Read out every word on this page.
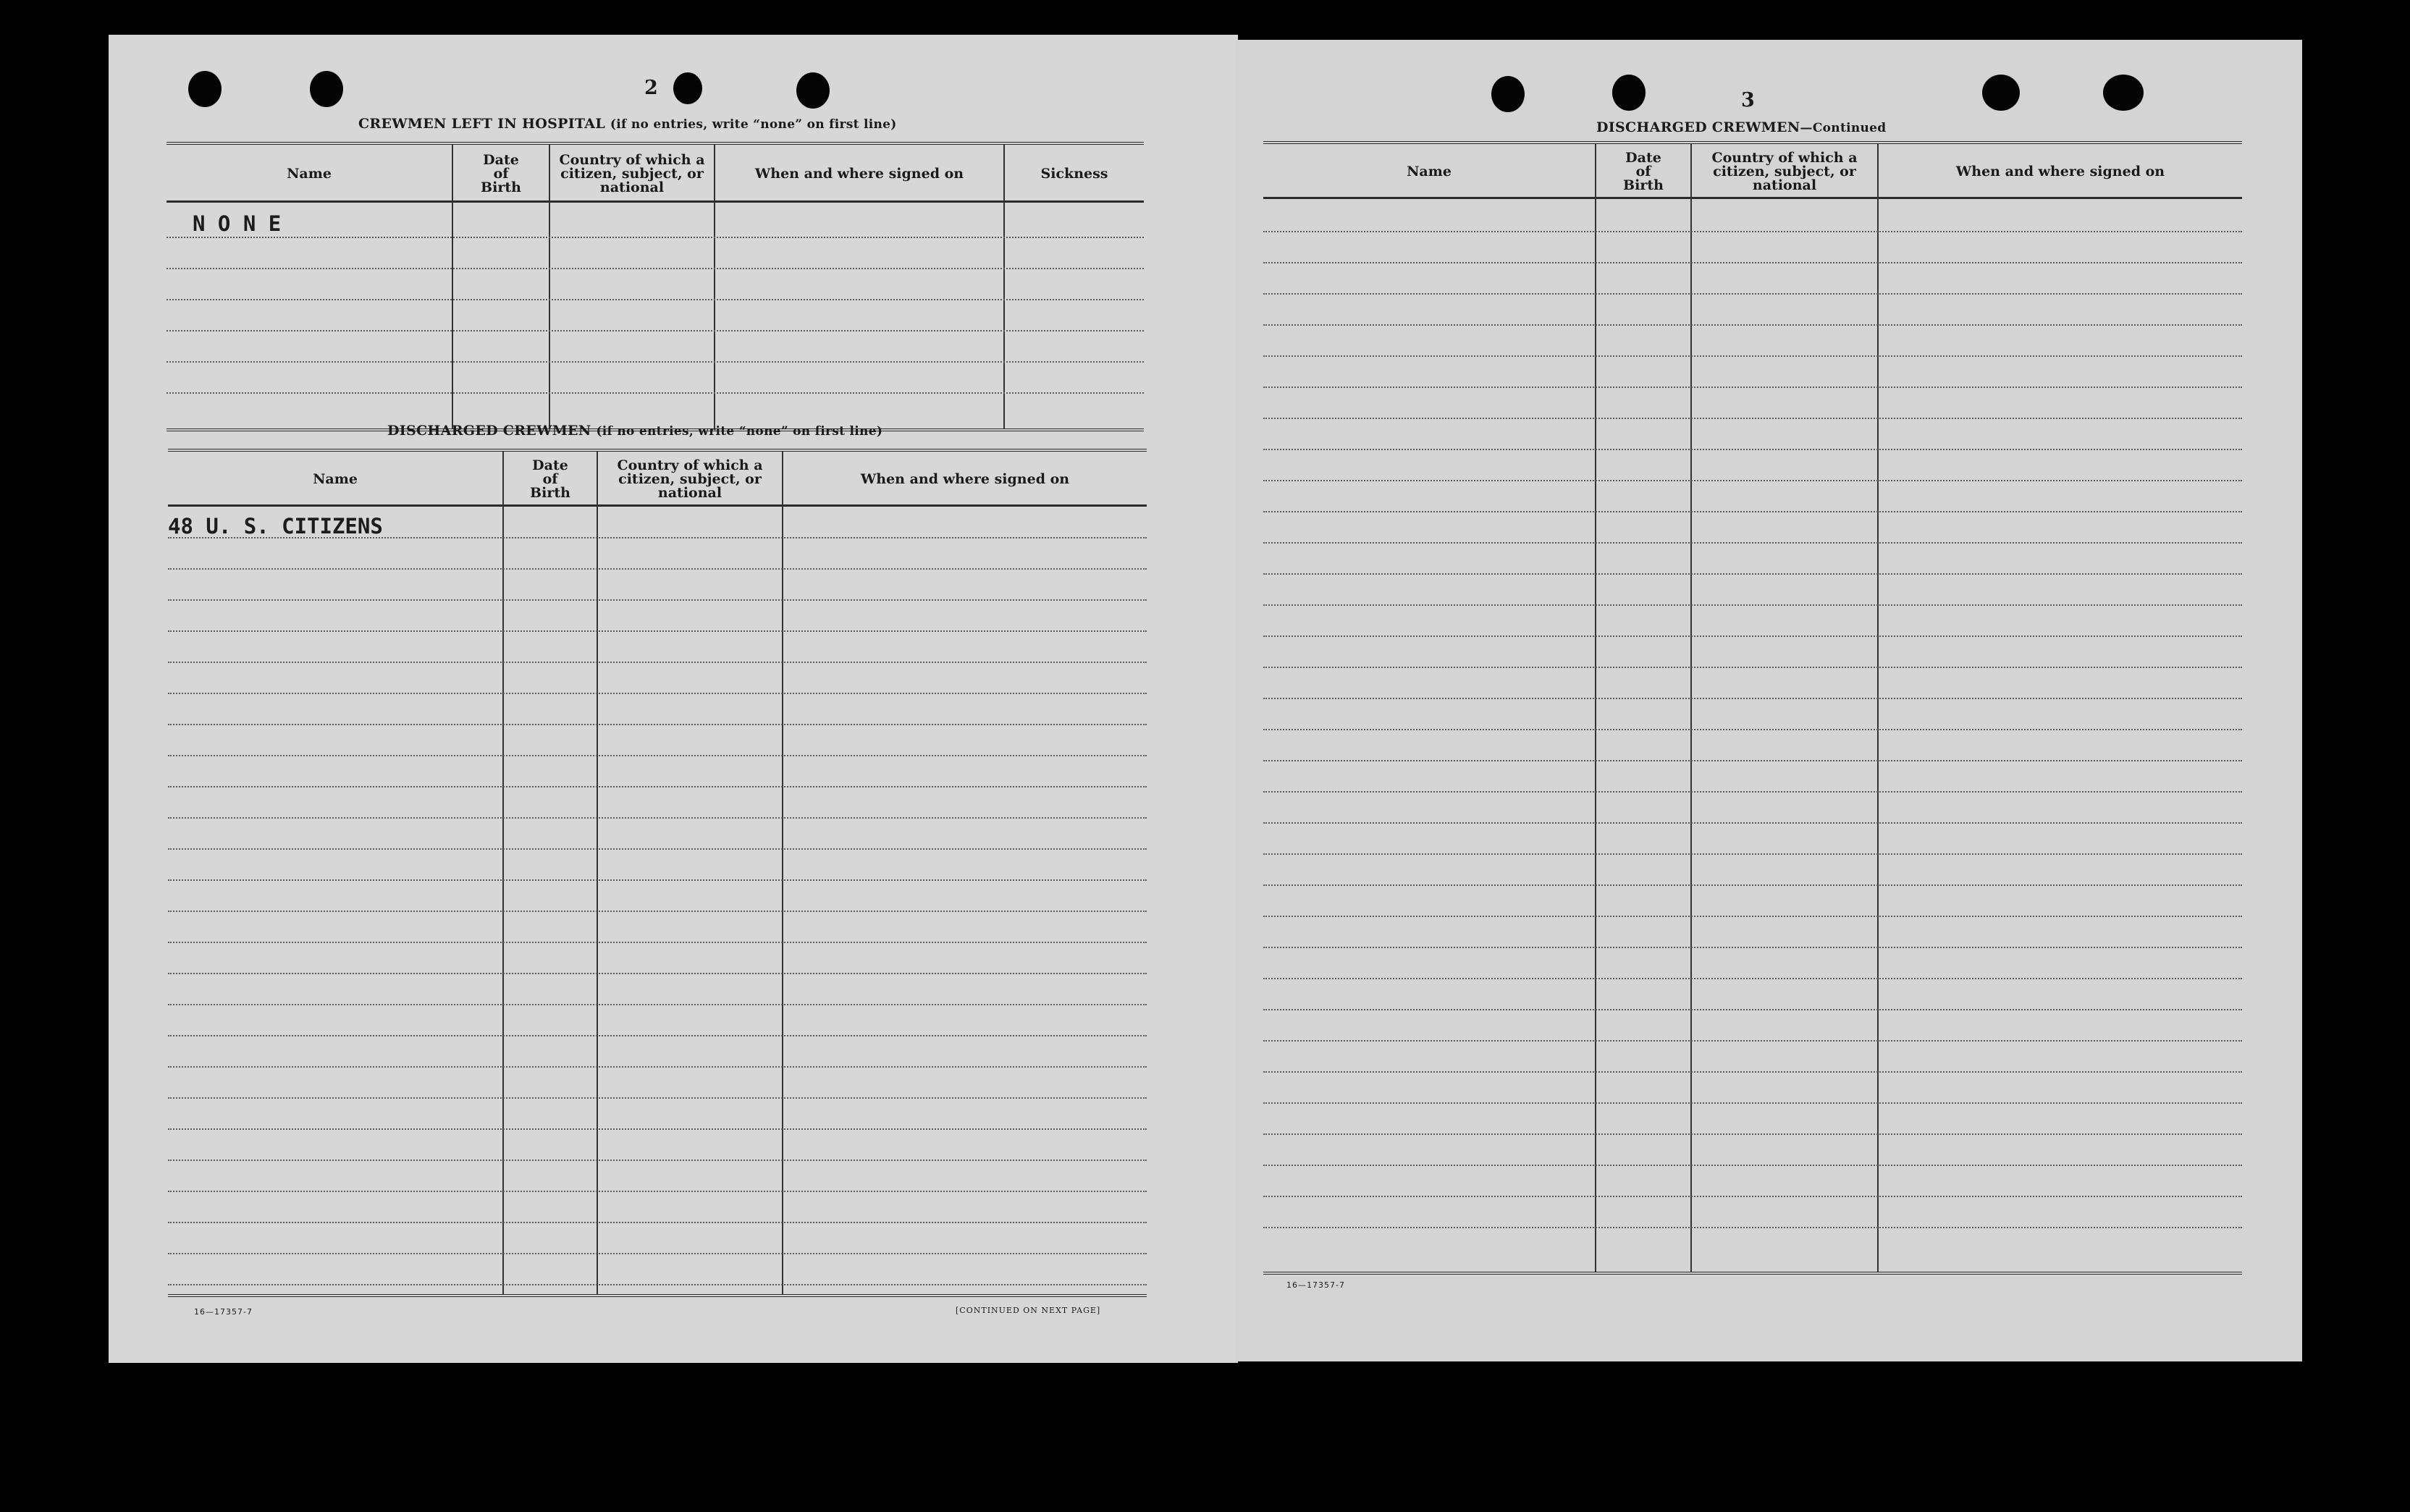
2
CREWMEN LEFT IN HOSPITAL (if no entries, write “none” on first line)
Name
Date
of
Birth
Country of which a
citizen, subject, or
national
When and where signed on	Sickness
N O N E
DISCHARGED CREWMEN (if no entries, write “none” on first line)
Name
Date
of
Birth
Country of which a
citizen, subject, or
national
When and where signed on
48 U. S. CITIZENS
16—17357-7	[CONTINUED ON NEXT PAGE]
3
DISCHARGED CREWMEN—Continued
Name
Date
of
Birth
Country of which a
citizen, subject, or
national
When and where signed on
16—17357-7
